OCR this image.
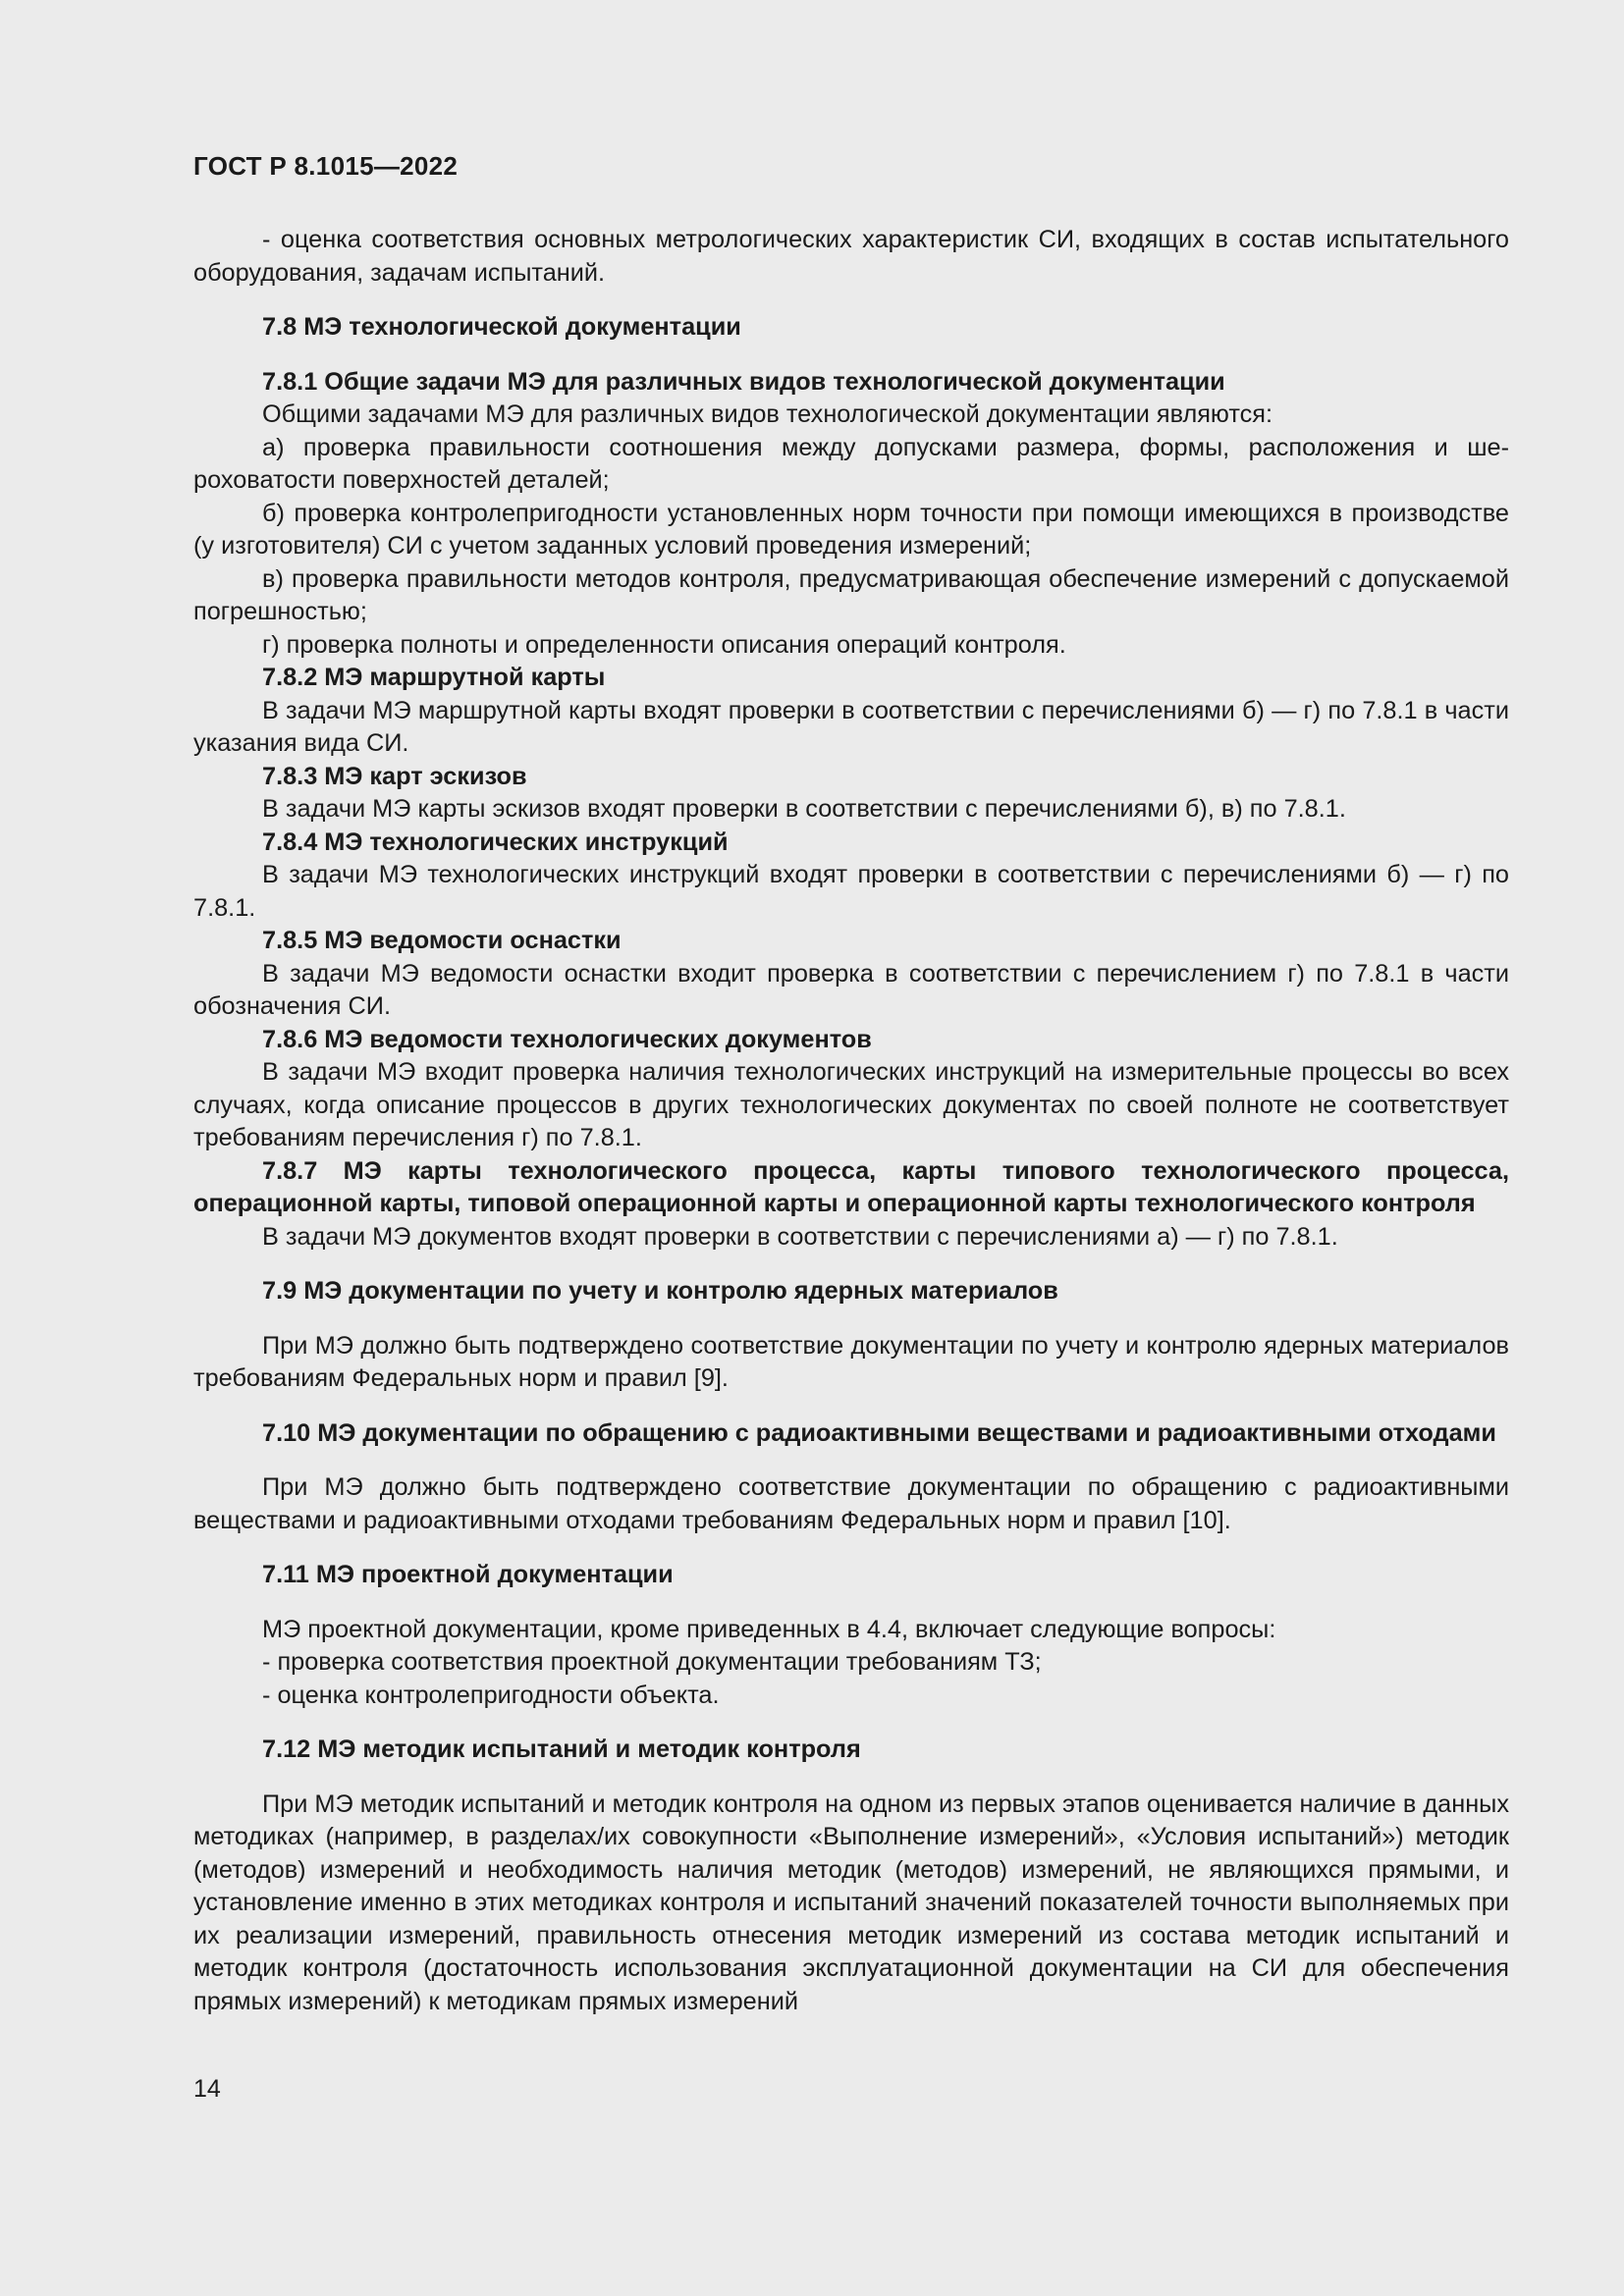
ГОСТ Р 8.1015—2022

- оценка соответствия основных метрологических характеристик СИ, входящих в состав испытательного оборудования, задачам испытаний.

7.8 МЭ технологической документации

7.8.1 Общие задачи МЭ для различных видов технологической документации

Общими задачами МЭ для различных видов технологической документации являются:

а) проверка правильности соотношения между допусками размера, формы, расположения и шероховатости поверхностей деталей;

б) проверка контролепригодности установленных норм точности при помощи имеющихся в производстве (у изготовителя) СИ с учетом заданных условий проведения измерений;

в) проверка правильности методов контроля, предусматривающая обеспечение измерений с допускаемой погрешностью;

г) проверка полноты и определенности описания операций контроля.

7.8.2 МЭ маршрутной карты

В задачи МЭ маршрутной карты входят проверки в соответствии с перечислениями б) — г) по 7.8.1 в части указания вида СИ.

7.8.3 МЭ карт эскизов

В задачи МЭ карты эскизов входят проверки в соответствии с перечислениями б), в) по 7.8.1.

7.8.4 МЭ технологических инструкций

В задачи МЭ технологических инструкций входят проверки в соответствии с перечислениями б) — г) по 7.8.1.

7.8.5 МЭ ведомости оснастки

В задачи МЭ ведомости оснастки входит проверка в соответствии с перечислением г) по 7.8.1 в части обозначения СИ.

7.8.6 МЭ ведомости технологических документов

В задачи МЭ входит проверка наличия технологических инструкций на измерительные процессы во всех случаях, когда описание процессов в других технологических документах по своей полноте не соответствует требованиям перечисления г) по 7.8.1.

7.8.7 МЭ карты технологического процесса, карты типового технологического процесса, операционной карты, типовой операционной карты и операционной карты технологического контроля

В задачи МЭ документов входят проверки в соответствии с перечислениями а) — г) по 7.8.1.

7.9 МЭ документации по учету и контролю ядерных материалов

При МЭ должно быть подтверждено соответствие документации по учету и контролю ядерных материалов требованиям Федеральных норм и правил [9].

7.10 МЭ документации по обращению с радиоактивными веществами и радиоактивными отходами

При МЭ должно быть подтверждено соответствие документации по обращению с радиоактивными веществами и радиоактивными отходами требованиям Федеральных норм и правил [10].

7.11 МЭ проектной документации

МЭ проектной документации, кроме приведенных в 4.4, включает следующие вопросы:

- проверка соответствия проектной документации требованиям ТЗ;

- оценка контролепригодности объекта.

7.12 МЭ методик испытаний и методик контроля

При МЭ методик испытаний и методик контроля на одном из первых этапов оценивается наличие в данных методиках (например, в разделах/их совокупности «Выполнение измерений», «Условия испытаний») методик (методов) измерений и необходимость наличия методик (методов) измерений, не являющихся прямыми, и установление именно в этих методиках контроля и испытаний значений показателей точности выполняемых при их реализации измерений, правильность отнесения методик измерений из состава методик испытаний и методик контроля (достаточность использования эксплуатационной документации на СИ для обеспечения прямых измерений) к методикам прямых измерений

14
